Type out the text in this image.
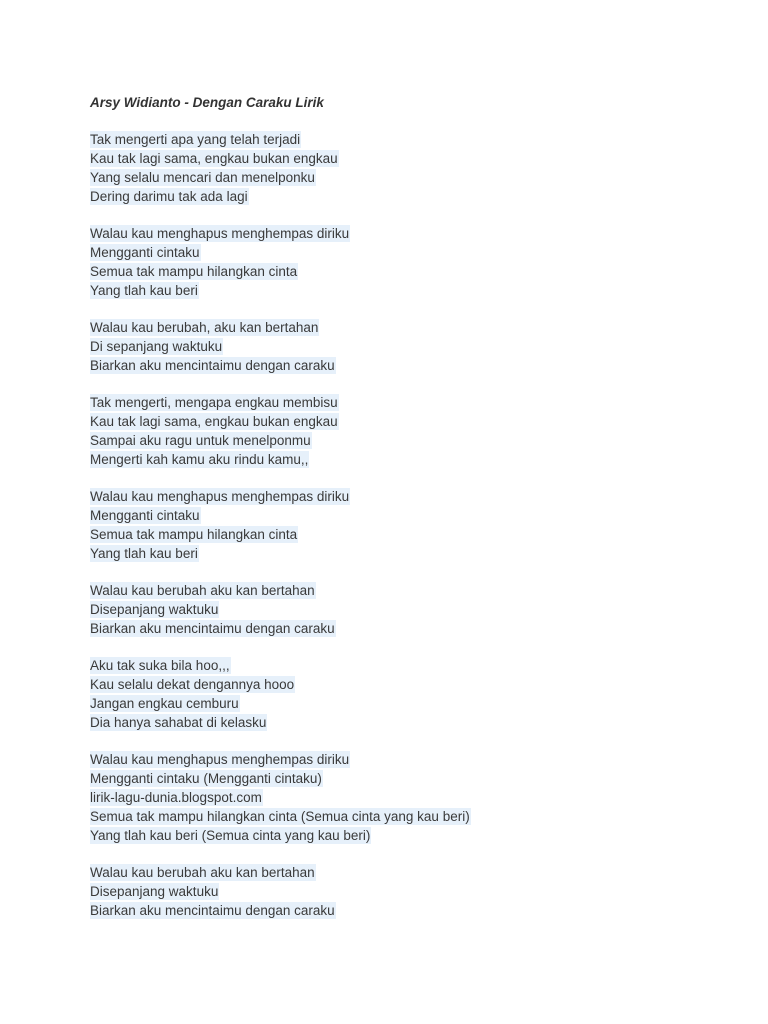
Arsy Widianto - Dengan Caraku Lirik
Tak mengerti apa yang telah terjadi
Kau tak lagi sama, engkau bukan engkau
Yang selalu mencari dan menelponku
Dering darimu tak ada lagi
Walau kau menghapus menghempas diriku
Mengganti cintaku
Semua tak mampu hilangkan cinta
Yang tlah kau beri
Walau kau berubah, aku kan bertahan
Di sepanjang waktuku
Biarkan aku mencintaimu dengan caraku
Tak mengerti, mengapa engkau membisu
Kau tak lagi sama, engkau bukan engkau
Sampai aku ragu untuk menelponmu
Mengerti kah kamu aku rindu kamu,,
Walau kau menghapus menghempas diriku
Mengganti cintaku
Semua tak mampu hilangkan cinta
Yang tlah kau beri
Walau kau berubah aku kan bertahan
Disepanjang waktuku
Biarkan aku mencintaimu dengan caraku
Aku tak suka bila hoo,,,
Kau selalu dekat dengannya hooo
Jangan engkau cemburu
Dia hanya sahabat di kelasku
Walau kau menghapus menghempas diriku
Mengganti cintaku (Mengganti cintaku)
lirik-lagu-dunia.blogspot.com
Semua tak mampu hilangkan cinta (Semua cinta yang kau beri)
Yang tlah kau beri (Semua cinta yang kau beri)
Walau kau berubah aku kan bertahan
Disepanjang waktuku
Biarkan aku mencintaimu dengan caraku
